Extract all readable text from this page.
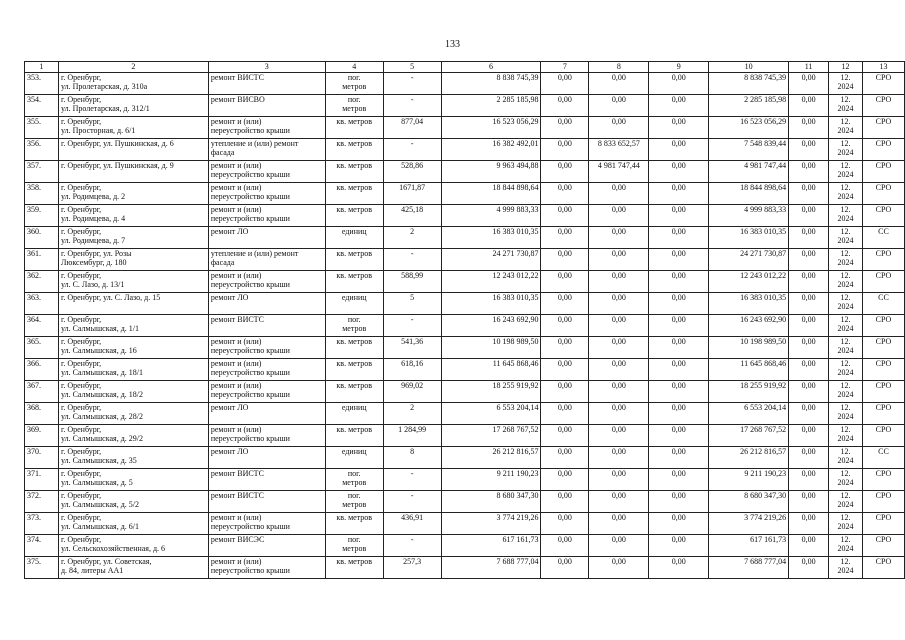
133
1	2	3	4	5	6	7	8	9	10	11	12	13
353.	г. Оренбург,
ул. Пролетарская, д. 310а	ремонт ВИСТС	пог.
метров	-	8 838 745,39	0,00	0,00	0,00	8 838 745,39	0,00	12.
2024	СРО
354.	г. Оренбург,
ул. Пролетарская, д. 312/1	ремонт ВИСВО	пог.
метров	-	2 285 185,98	0,00	0,00	0,00	2 285 185,98	0,00	12.
2024	СРО
355.	г. Оренбург,
ул. Просторная, д. 6/1	ремонт и (или)
переустройство крыши	кв. метров	877,04	16 523 056,29	0,00	0,00	0,00	16 523 056,29	0,00	12.
2024	СРО
356.	г. Оренбург, ул. Пушкинская, д. 6	утепление и (или) ремонт
фасада	кв. метров	-	16 382 492,01	0,00	8 833 652,57	0,00	7 548 839,44	0,00	12.
2024	СРО
357.	г. Оренбург, ул. Пушкинская, д. 9	ремонт и (или)
переустройство крыши	кв. метров	528,86	9 963 494,88	0,00	4 981 747,44	0,00	4 981 747,44	0,00	12.
2024	СРО
358.	г. Оренбург,
ул. Родимцева, д. 2	ремонт и (или)
переустройство крыши	кв. метров	1671,87	18 844 898,64	0,00	0,00	0,00	18 844 898,64	0,00	12.
2024	СРО
359.	г. Оренбург,
ул. Родимцева, д. 4	ремонт и (или)
переустройство крыши	кв. метров	425,18	4 999 883,33	0,00	0,00	0,00	4 999 883,33	0,00	12.
2024	СРО
360.	г. Оренбург,
ул. Родимцева, д. 7	ремонт ЛО	единиц	2	16 383 010,35	0,00	0,00	0,00	16 383 010,35	0,00	12.
2024	СС
361.	г. Оренбург, ул. Розы
Люксембург, д. 180	утепление и (или) ремонт
фасада	кв. метров	-	24 271 730,87	0,00	0,00	0,00	24 271 730,87	0,00	12.
2024	СРО
362.	г. Оренбург,
ул. С. Лазо, д. 13/1	ремонт и (или)
переустройство крыши	кв. метров	588,99	12 243 012,22	0,00	0,00	0,00	12 243 012,22	0,00	12.
2024	СРО
363.	г. Оренбург, ул. С. Лазо, д. 15	ремонт ЛО	единиц	5	16 383 010,35	0,00	0,00	0,00	16 383 010,35	0,00	12.
2024	СС
364.	г. Оренбург,
ул. Салмышская, д. 1/1	ремонт ВИСТС	пог.
метров	-	16 243 692,90	0,00	0,00	0,00	16 243 692,90	0,00	12.
2024	СРО
365.	г. Оренбург,
ул. Салмышская, д. 16	ремонт и (или)
переустройство крыши	кв. метров	541,36	10 198 989,50	0,00	0,00	0,00	10 198 989,50	0,00	12.
2024	СРО
366.	г. Оренбург,
ул. Салмышская, д. 18/1	ремонт и (или)
переустройство крыши	кв. метров	618,16	11 645 868,46	0,00	0,00	0,00	11 645 868,46	0,00	12.
2024	СРО
367.	г. Оренбург,
ул. Салмышская, д. 18/2	ремонт и (или)
переустройство крыши	кв. метров	969,02	18 255 919,92	0,00	0,00	0,00	18 255 919,92	0,00	12.
2024	СРО
368.	г. Оренбург,
ул. Салмышская, д. 28/2	ремонт ЛО	единиц	2	6 553 204,14	0,00	0,00	0,00	6 553 204,14	0,00	12.
2024	СРО
369.	г. Оренбург,
ул. Салмышская, д. 29/2	ремонт и (или)
переустройство крыши	кв. метров	1 284,99	17 268 767,52	0,00	0,00	0,00	17 268 767,52	0,00	12.
2024	СРО
370.	г. Оренбург,
ул. Салмышская, д. 35	ремонт ЛО	единиц	8	26 212 816,57	0,00	0,00	0,00	26 212 816,57	0,00	12.
2024	СС
371.	г. Оренбург,
ул. Салмышская, д. 5	ремонт ВИСТС	пог.
метров	-	9 211 190,23	0,00	0,00	0,00	9 211 190,23	0,00	12.
2024	СРО
372.	г. Оренбург,
ул. Салмышская, д. 5/2	ремонт ВИСТС	пог.
метров	-	8 680 347,30	0,00	0,00	0,00	8 680 347,30	0,00	12.
2024	СРО
373.	г. Оренбург,
ул. Салмышская, д. 6/1	ремонт и (или)
переустройство крыши	кв. метров	436,91	3 774 219,26	0,00	0,00	0,00	3 774 219,26	0,00	12.
2024	СРО
374.	г. Оренбург,
ул. Сельскохозяйственная, д. 6	ремонт ВИСЭС	пог.
метров	-	617 161,73	0,00	0,00	0,00	617 161,73	0,00	12.
2024	СРО
375.	г. Оренбург, ул. Советская,
д. 84, литеры АА1	ремонт и (или)
переустройство крыши	кв. метров	257,3	7 688 777,04	0,00	0,00	0,00	7 688 777,04	0,00	12.
2024	СРО
